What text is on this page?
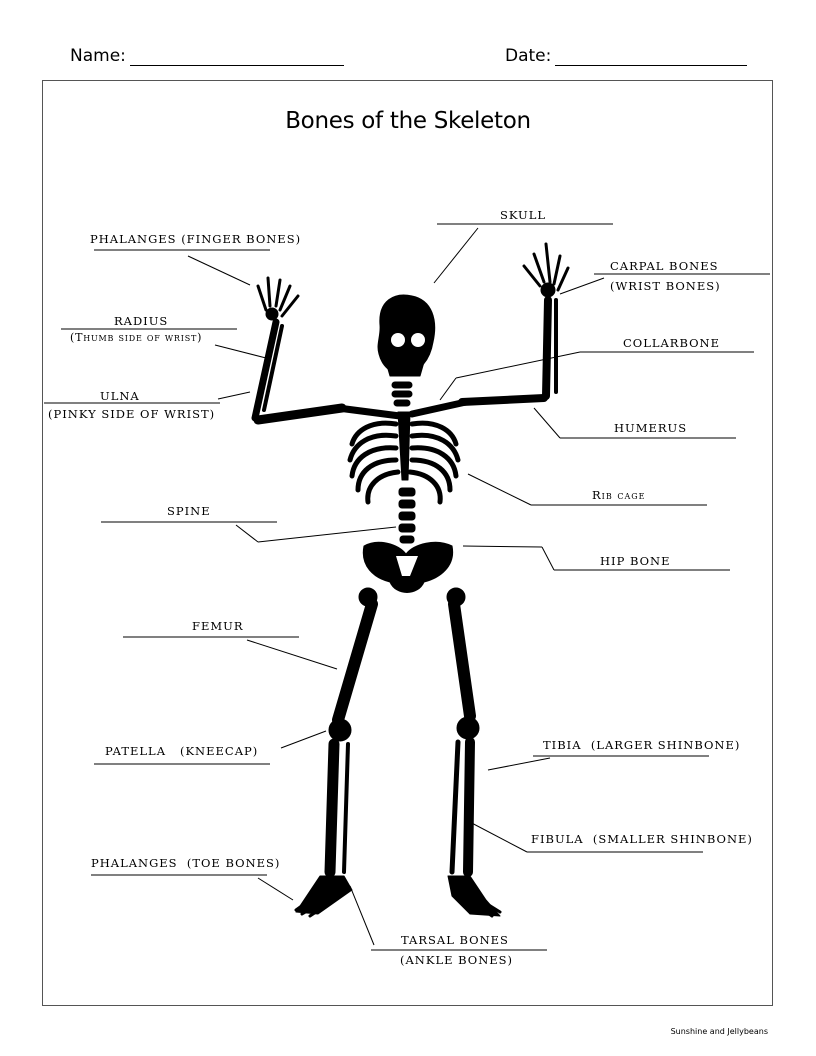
Name:	Date:
Bones of the Skeleton
SKULL
PHALANGES (FINGER BONES)
CARPAL BONES
(WRIST BONES)
RADIUS
(Thumb side of wrist)	COLLARBONE
ULNA
(PINKY SIDE OF WRIST)
HUMERUS
Rib cage
SPINE
HIP BONE
FEMUR
PATELLA   (KNEECAP)	TIBIA  (LARGER SHINBONE)
FIBULA  (SMALLER SHINBONE)
PHALANGES  (TOE BONES)
TARSAL BONES
(ANKLE BONES)
Sunshine and Jellybeans
